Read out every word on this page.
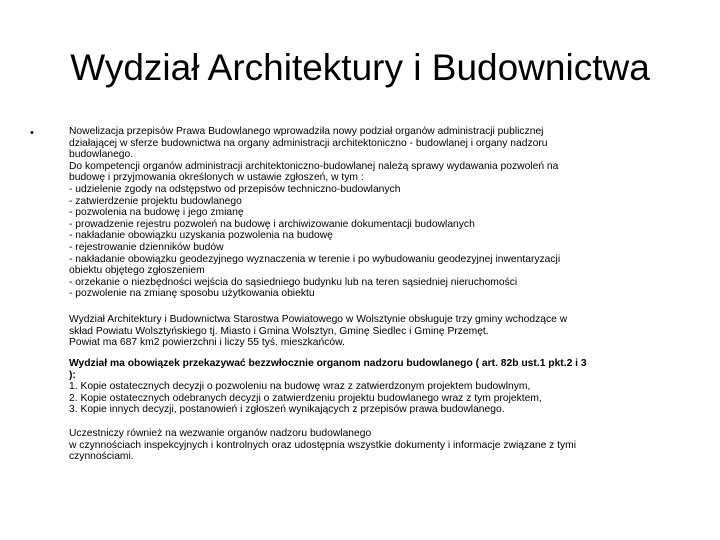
Wydział Architektury i Budownictwa
•	Nowelizacja przepisów Prawa Budowlanego wprowadziła nowy podział organów administracji publicznej
działającej w sferze budownictwa na organy administracji architektoniczno - budowlanej i organy nadzoru
budowlanego.
Do kompetencji organów administracji architektoniczno-budowlanej należą sprawy wydawania pozwoleń na
budowę i przyjmowania określonych w ustawie zgłoszeń, w tym :
- udzielenie zgody na odstępstwo od przepisów techniczno-budowlanych
- zatwierdzenie projektu budowlanego
- pozwolenia na budowę i jego zmianę
- prowadzenie rejestru pozwoleń na budowę i archiwizowanie dokumentacji budowlanych
- nakładanie obowiązku uzyskania pozwolenia na budowę
- rejestrowanie dzienników budów
- nakładanie obowiązku geodezyjnego wyznaczenia w terenie i po wybudowaniu geodezyjnej inwentaryzacji
obiektu objętego zgłoszeniem
- orzekanie o niezbędności wejścia do sąsiedniego budynku lub na teren sąsiedniej nieruchomości
- pozwolenie na zmianę sposobu użytkowania obiektu
Wydział Architektury i Budownictwa Starostwa Powiatowego w Wolsztynie obsługuje trzy gminy wchodzące w
skład Powiatu Wolsztyńskiego tj. Miasto i Gmina Wolsztyn, Gminę Siedlec i Gminę Przemęt.
Powiat ma 687 km2 powierzchni i liczy 55 tyś. mieszkańców.
Wydział ma obowiązek przekazywać bezzwłocznie organom nadzoru budowlanego ( art. 82b ust.1 pkt.2 i 3
):
1. Kopie ostatecznych decyzji o pozwoleniu na budowę wraz z zatwierdzonym projektem budowlnym,
2. Kopie ostatecznych odebranych decyzji o zatwierdzeniu projektu budowlanego wraz z tym projektem,
3. Kopie innych decyzji, postanowień i zgłoszeń wynikających z przepisów prawa budowlanego.
Uczestniczy również na wezwanie organów nadzoru budowlanego
w czynnościach inspekcyjnych i kontrolnych oraz udostępnia wszystkie dokumenty i informacje związane z tymi
czynnościami.
